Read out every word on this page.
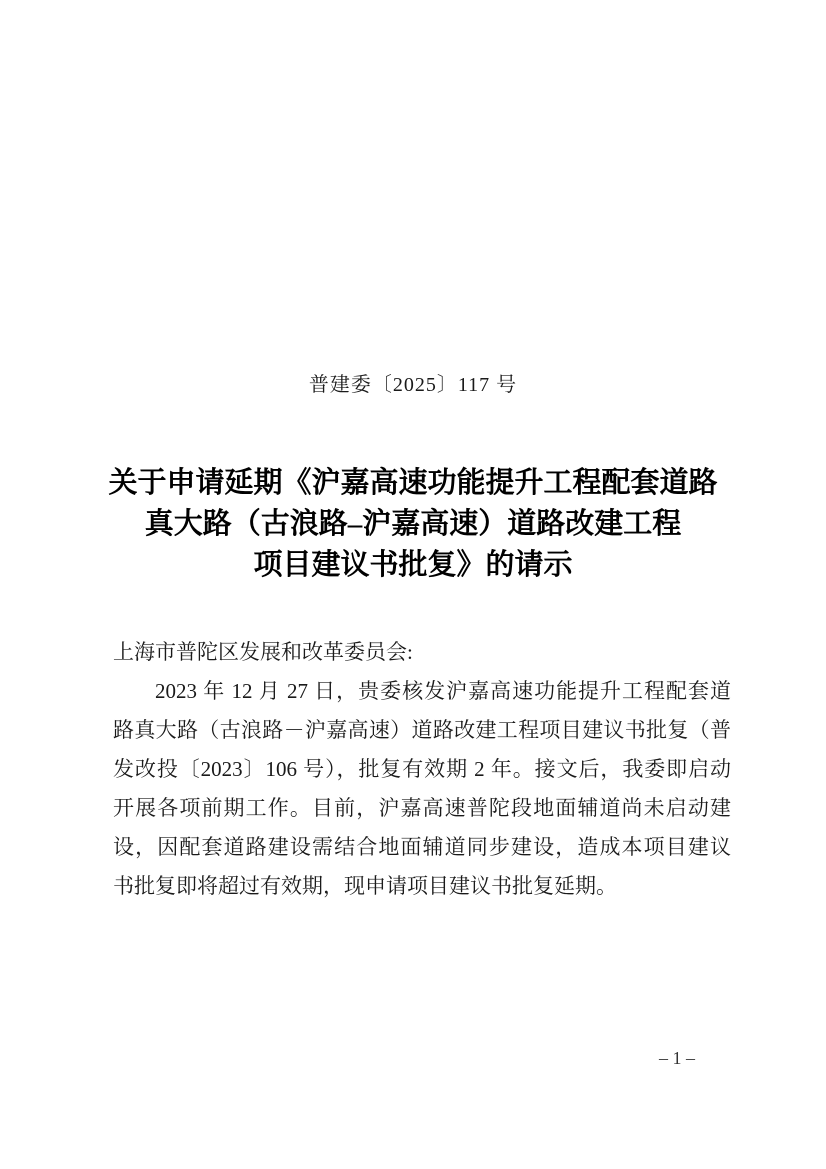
普建委〔2025〕117 号
关于申请延期《沪嘉高速功能提升工程配套道路
真大路（古浪路–沪嘉高速）道路改建工程
项目建议书批复》的请示
上海市普陀区发展和改革委员会:
2023 年 12 月 27 日，贵委核发沪嘉高速功能提升工程配套道
路真大路（古浪路－沪嘉高速）道路改建工程项目建议书批复（普
发改投〔2023〕106 号），批复有效期 2 年。接文后，我委即启动
开展各项前期工作。目前，沪嘉高速普陀段地面辅道尚未启动建
设，因配套道路建设需结合地面辅道同步建设，造成本项目建议
书批复即将超过有效期，现申请项目建议书批复延期。
– 1 –
